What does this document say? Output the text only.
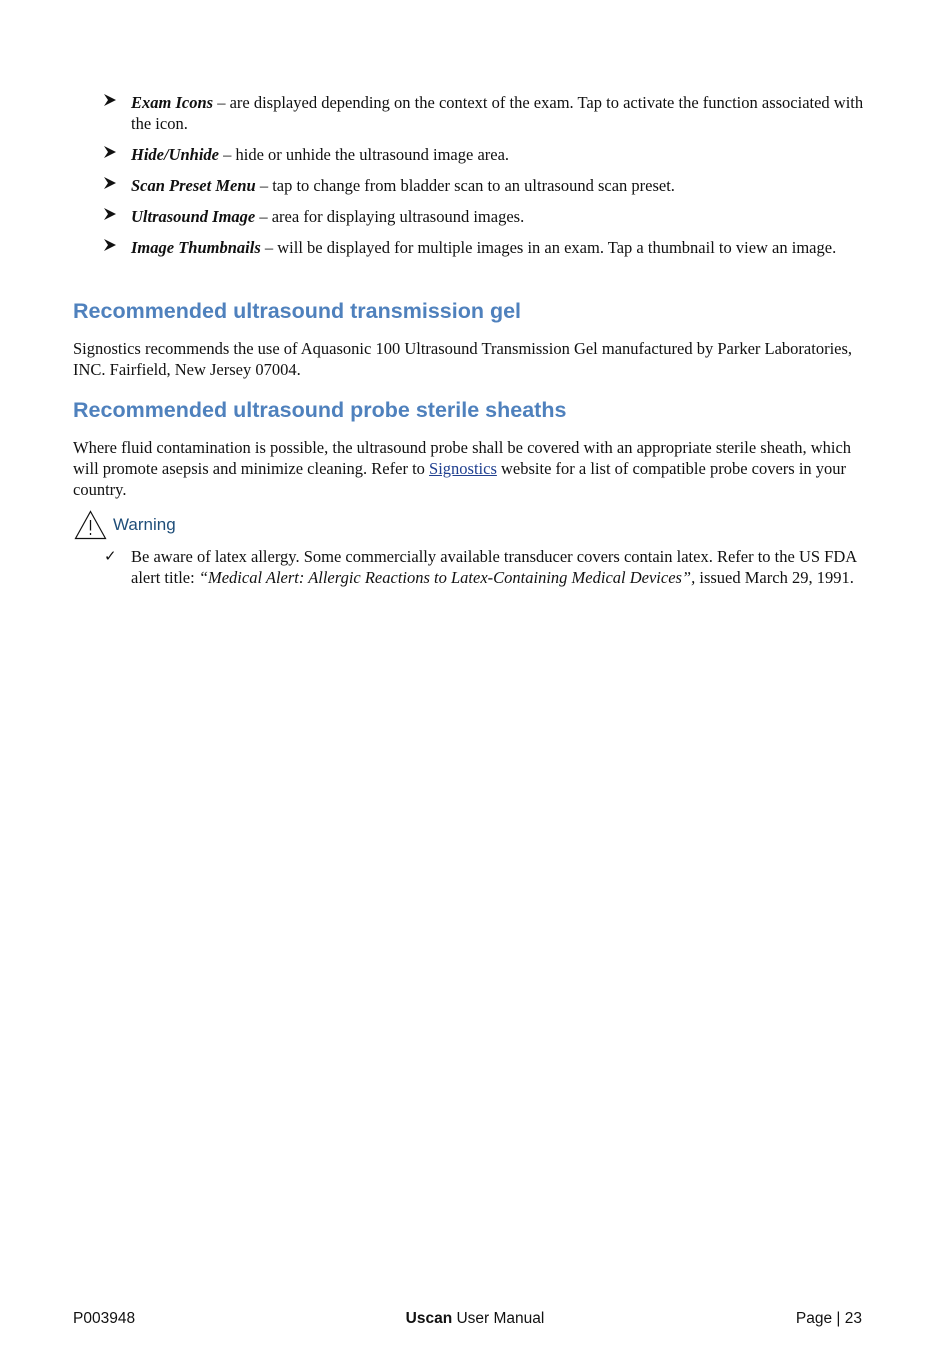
Exam Icons – are displayed depending on the context of the exam. Tap to activate the function associated with the icon.
Hide/Unhide – hide or unhide the ultrasound image area.
Scan Preset Menu – tap to change from bladder scan to an ultrasound scan preset.
Ultrasound Image – area for displaying ultrasound images.
Image Thumbnails – will be displayed for multiple images in an exam. Tap a thumbnail to view an image.
Recommended ultrasound transmission gel

Signostics recommends the use of Aquasonic 100 Ultrasound Transmission Gel manufactured by Parker Laboratories, INC. Fairfield, New Jersey 07004.

Recommended ultrasound probe sterile sheaths

Where fluid contamination is possible, the ultrasound probe shall be covered with an appropriate sterile sheath, which will promote asepsis and minimize cleaning. Refer to Signostics website for a list of compatible probe covers in your country.

Warning
✓ Be aware of latex allergy. Some commercially available transducer covers contain latex. Refer to the US FDA alert title: “Medical Alert: Allergic Reactions to Latex-Containing Medical Devices”, issued March 29, 1991.
P003948	Uscan User Manual	Page | 23
